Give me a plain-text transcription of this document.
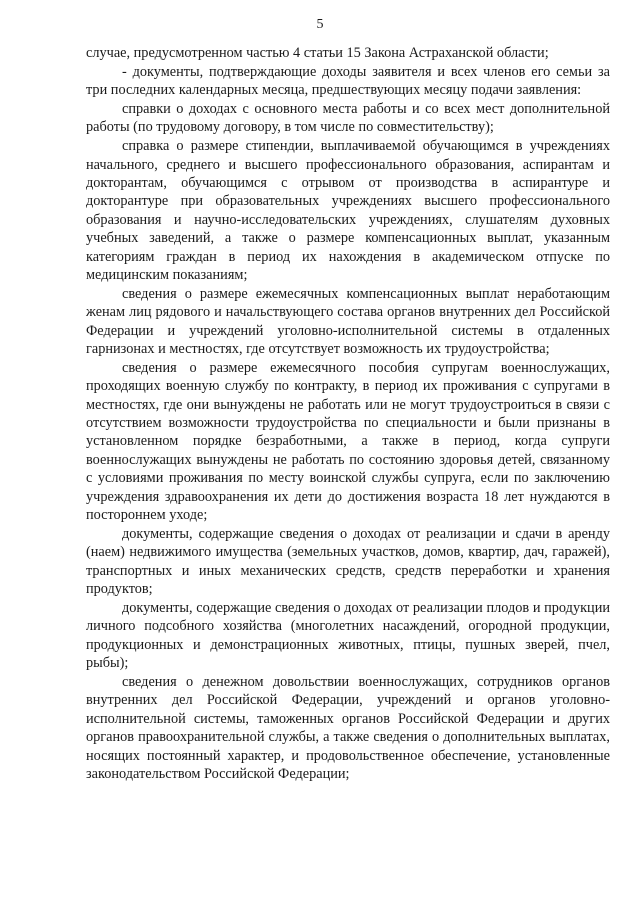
5

случае, предусмотренном частью 4 статьи 15 Закона Астраханской области;

- документы, подтверждающие доходы заявителя и всех членов его семьи за три последних календарных месяца, предшествующих месяцу подачи заявления:

справки о доходах с основного места работы и со всех мест дополнительной работы (по трудовому договору, в том числе по совместительству);

справка о размере стипендии, выплачиваемой обучающимся в учреждениях начального, среднего и высшего профессионального образования, аспирантам и докторантам, обучающимся с отрывом от производства в аспирантуре и докторантуре при образовательных учреждениях высшего профессионального образования и научно-исследовательских учреждениях, слушателям духовных учебных заведений, а также о размере компенсационных выплат, указанным категориям граждан в период их нахождения в академическом отпуске по медицинским показаниям;

сведения о размере ежемесячных компенсационных выплат неработающим женам лиц рядового и начальствующего состава органов внутренних дел Российской Федерации и учреждений уголовно-исполнительной системы в отдаленных гарнизонах и местностях, где отсутствует возможность их трудоустройства;

сведения о размере ежемесячного пособия супругам военнослужащих, проходящих военную службу по контракту, в период их проживания с супругами в местностях, где они вынуждены не работать или не могут трудоустроиться в связи с отсутствием возможности трудоустройства по специальности и были признаны в установленном порядке безработными, а также в период, когда супруги военнослужащих вынуждены не работать по состоянию здоровья детей, связанному с условиями проживания по месту воинской службы супруга, если по заключению учреждения здравоохранения их дети до достижения возраста 18 лет нуждаются в постороннем уходе;

документы, содержащие сведения о доходах от реализации и сдачи в аренду (наем) недвижимого имущества (земельных участков, домов, квартир, дач, гаражей), транспортных и иных механических средств, средств переработки и хранения продуктов;

документы, содержащие сведения о доходах от реализации плодов и продукции личного подсобного хозяйства (многолетних насаждений, огородной продукции, продукционных и демонстрационных животных, птицы, пушных зверей, пчел, рыбы);

сведения о денежном довольствии военнослужащих, сотрудников органов внутренних дел Российской Федерации, учреждений и органов уголовно-исполнительной системы, таможенных органов Российской Федерации и других органов правоохранительной службы, а также сведения о дополнительных выплатах, носящих постоянный характер, и продовольственное обеспечение, установленные законодательством Российской Федерации;
